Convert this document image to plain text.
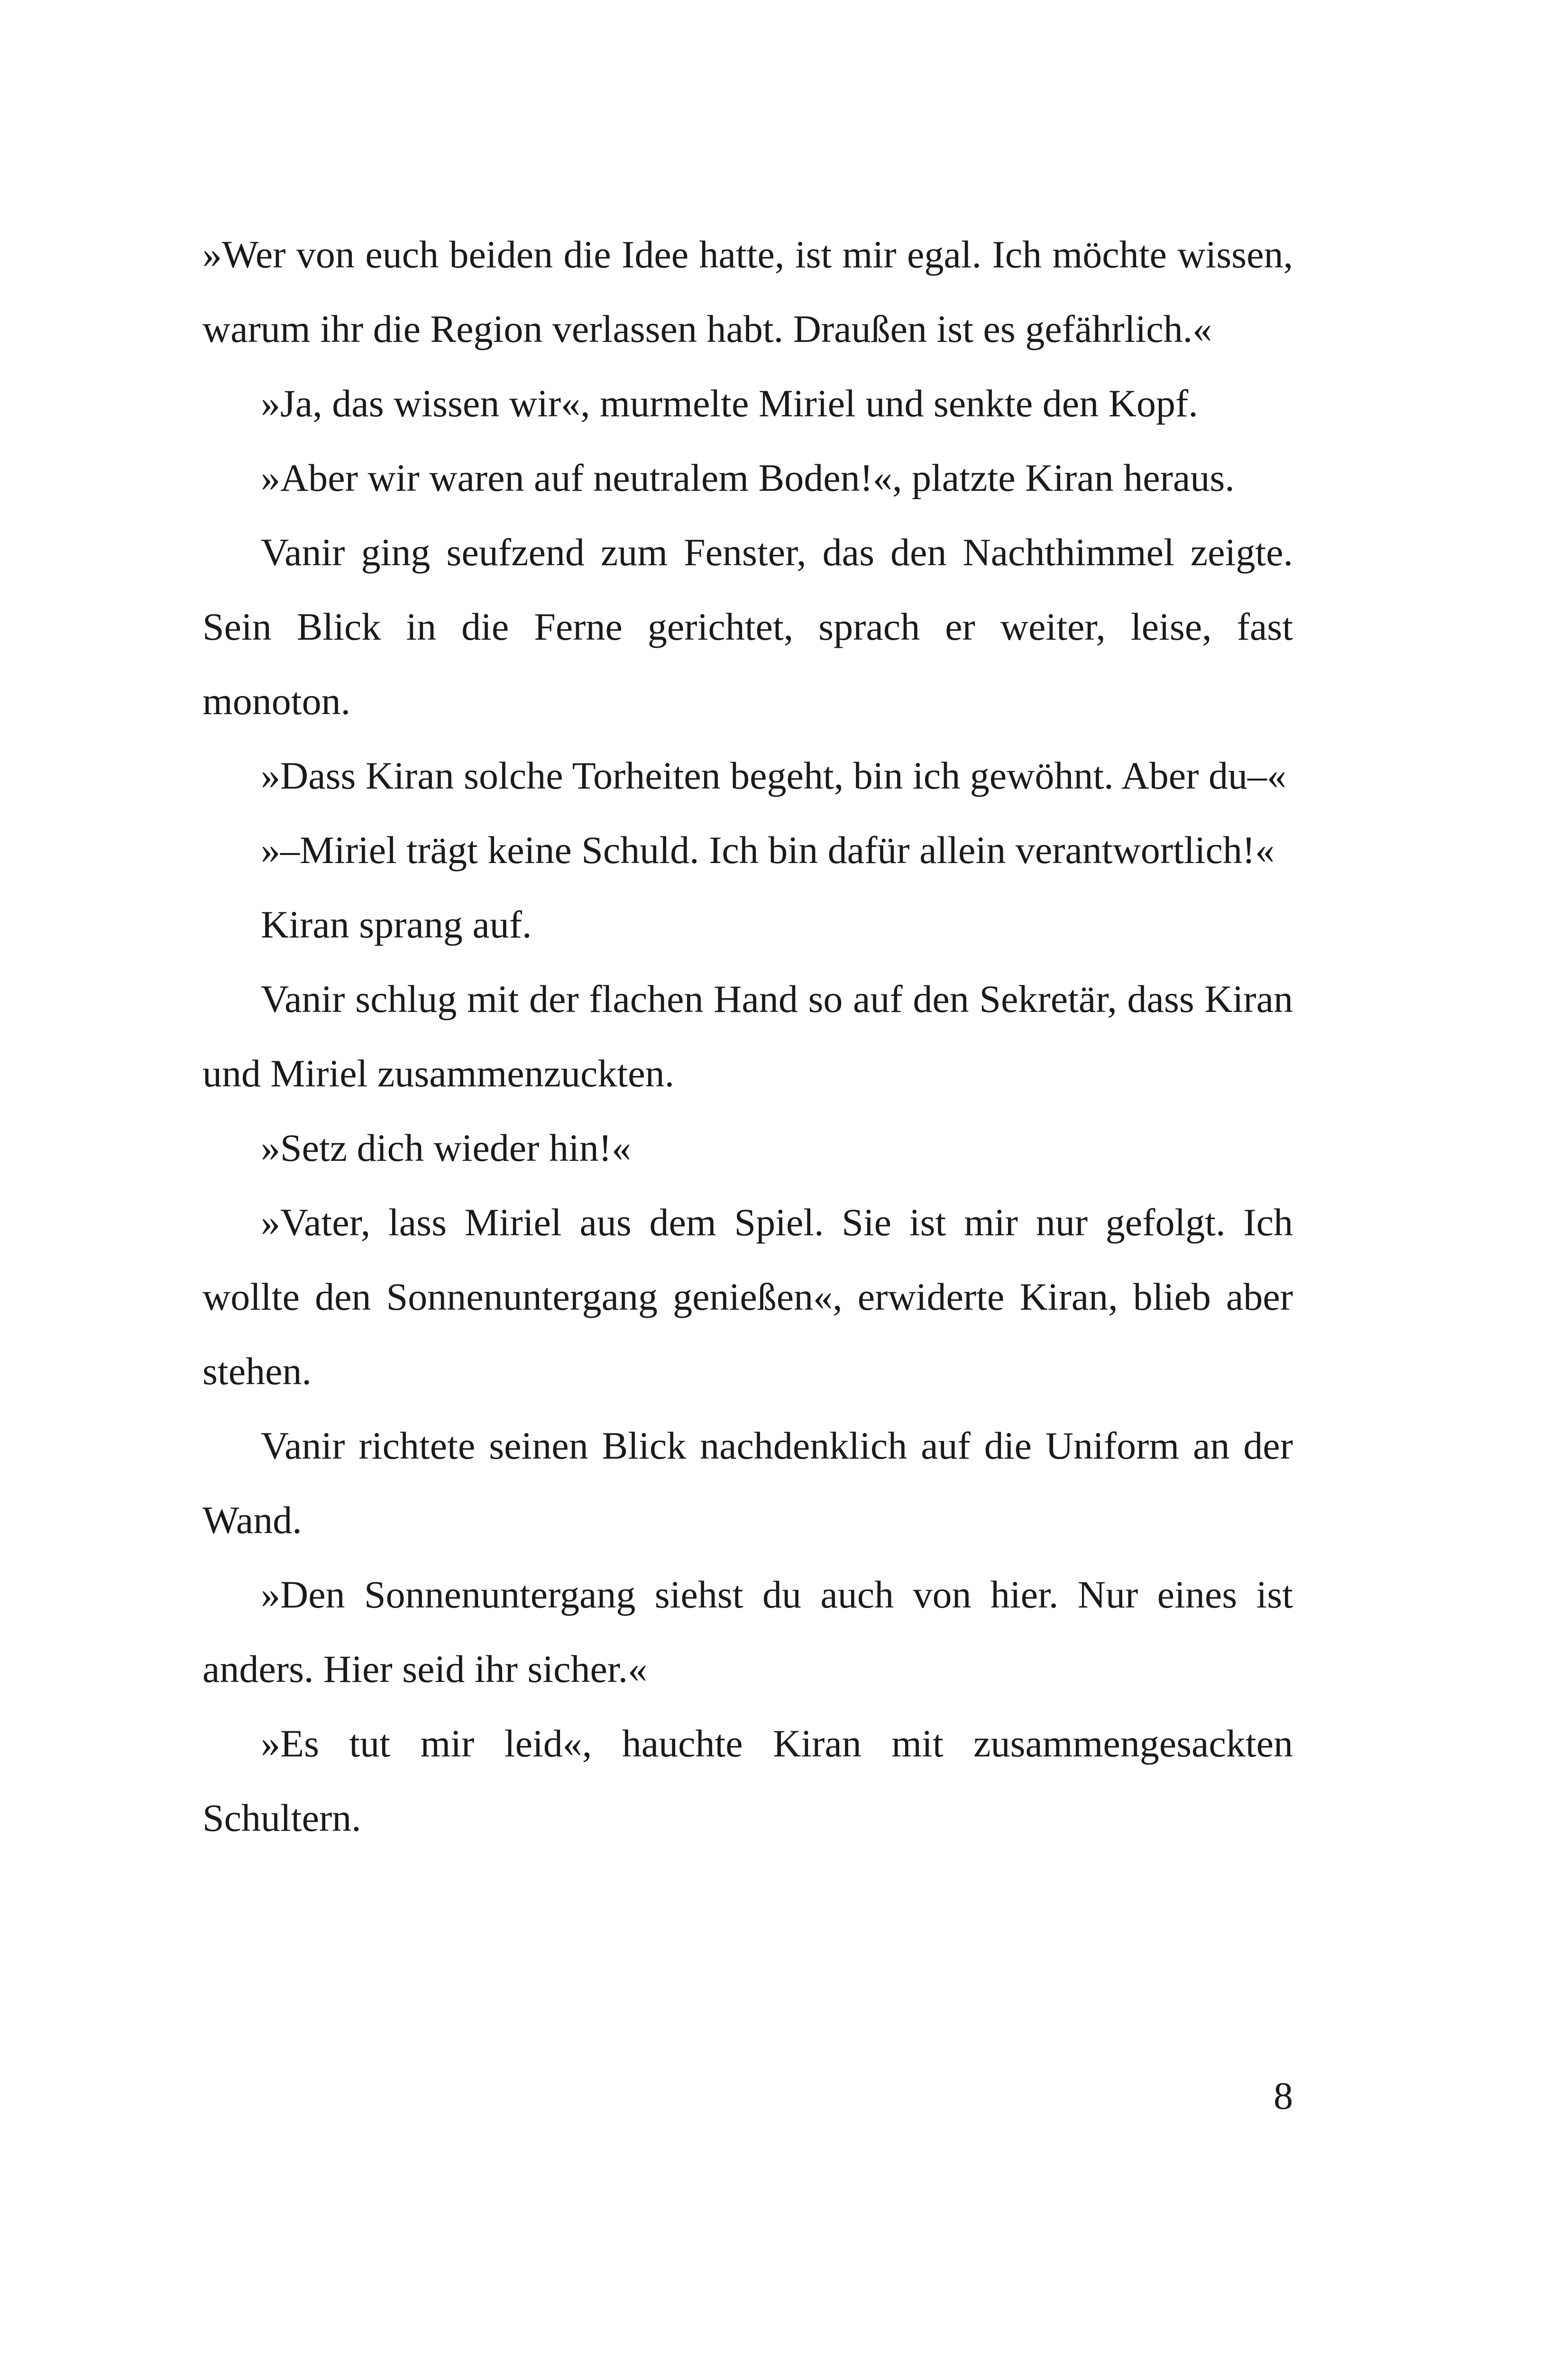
»Wer von euch beiden die Idee hatte, ist mir egal. Ich möchte wissen, warum ihr die Region verlassen habt. Draußen ist es gefährlich.«

»Ja, das wissen wir«, murmelte Miriel und senkte den Kopf.

»Aber wir waren auf neutralem Boden!«, platzte Kiran heraus.

Vanir ging seufzend zum Fenster, das den Nachthimmel zeigte. Sein Blick in die Ferne gerichtet, sprach er weiter, leise, fast monoton.

»Dass Kiran solche Torheiten begeht, bin ich gewöhnt. Aber du–«

»–Miriel trägt keine Schuld. Ich bin dafür allein verantwortlich!«

Kiran sprang auf.

Vanir schlug mit der flachen Hand so auf den Sekretär, dass Kiran und Miriel zusammenzuckten.

»Setz dich wieder hin!«

»Vater, lass Miriel aus dem Spiel. Sie ist mir nur gefolgt. Ich wollte den Sonnenuntergang genießen«, erwiderte Kiran, blieb aber stehen.

Vanir richtete seinen Blick nachdenklich auf die Uniform an der Wand.

»Den Sonnenuntergang siehst du auch von hier. Nur eines ist anders. Hier seid ihr sicher.«

»Es tut mir leid«, hauchte Kiran mit zusammengesackten Schultern.

8
